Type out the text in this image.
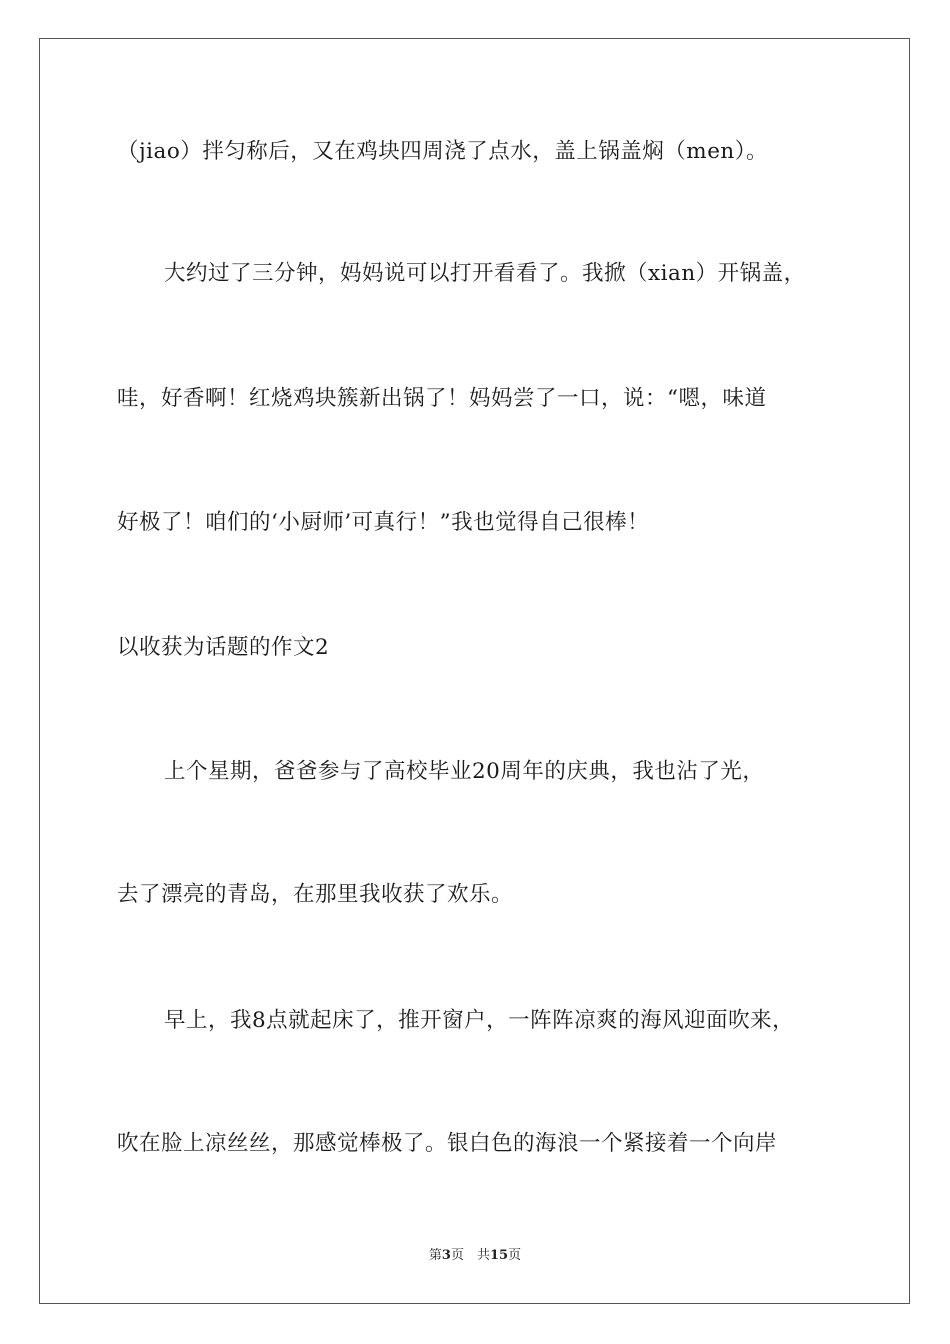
（jiao）拌匀称后，又在鸡块四周浇了点水，盖上锅盖焖（men）。
大约过了三分钟，妈妈说可以打开看看了。我掀（xian）开锅盖，
哇，好香啊！红烧鸡块簇新出锅了！妈妈尝了一口，说：“嗯，味道
好极了！咱们的‘小厨师’可真行！”我也觉得自己很棒！
以收获为话题的作文2
上个星期，爸爸参与了高校毕业20周年的庆典，我也沾了光，
去了漂亮的青岛，在那里我收获了欢乐。
早上，我8点就起床了，推开窗户，一阵阵凉爽的海风迎面吹来，
吹在脸上凉丝丝，那感觉棒极了。银白色的海浪一个紧接着一个向岸
第3页　共15页
